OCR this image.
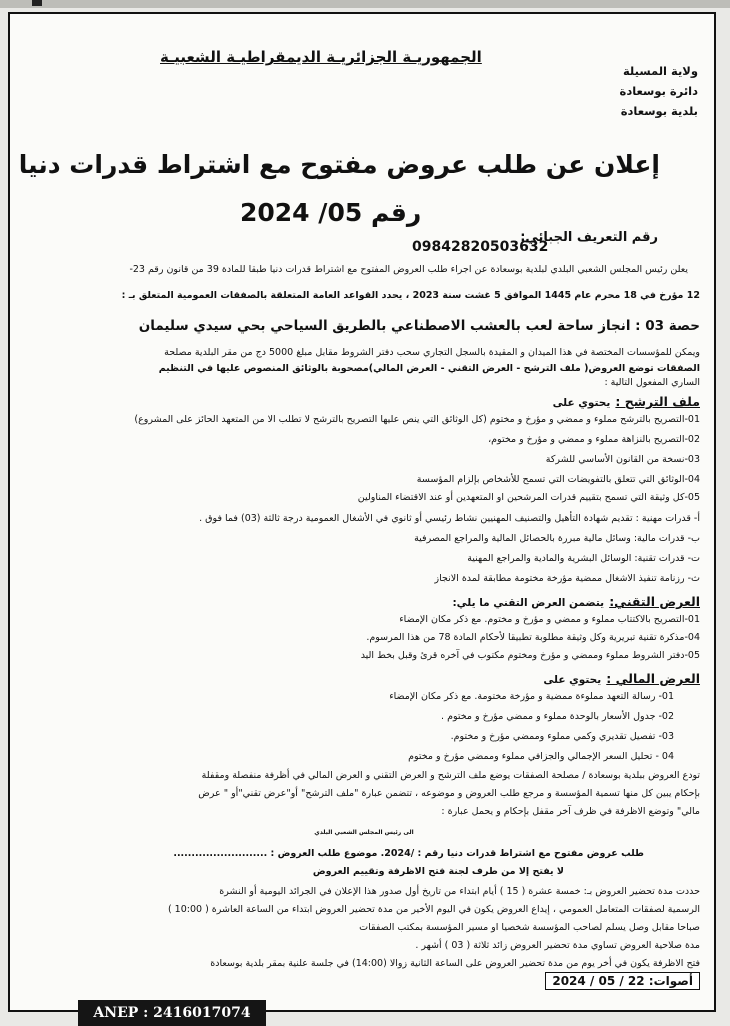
الجمهوريـة الجزائريـة الديمقراطيـة الشعبيـة
ولاية المسيلة
دائرة بوسعادة
بلدية بوسعادة
إعلان عن طلب عروض مفتوح مع اشتراط قدرات دنيا
رقم 05/ 2024
رقم التعريف الجبائي:
09842820503632
يعلن رئيس المجلس الشعبي البلدي لبلدية بوسعادة عن اجراء طلب العروض المفتوح مع اشتراط قدرات دنيا طبقا للمادة 39 من قانون رقم 23-
12 مؤرخ في 18 محرم عام 1445 الموافق 5 غشت سنة 2023 ، يحدد القواعد العامة المتعلقة بالصفقات العمومية المتعلق بـ :
حصة 03 : انجاز ساحة لعب بالعشب الاصطناعي بالطريق السياحي بحي سيدي سليمان
ويمكن للمؤسسات المختصة في هذا الميدان و المقيدة بالسجل التجاري سحب دفتر الشروط مقابل مبلغ 5000 دج من مقر البلدية مصلحة
الصفقات توضع العروض( ملف الترشح - العرض التقني - العرض المالي)مصحوبة بالوثائق المنصوص عليها في التنظيم
الساري المفعول التالية :
ملف الترشح : يحتوي على
01-التصريح بالترشح مملوء و ممضي و مؤرخ و مختوم (كل الوثائق التي ينص عليها التصريح بالترشح لا تطلب الا من المتعهد الحائز على المشروع)
02-التصريح بالنزاهة مملوء و ممضي و مؤرخ و مختوم،
03-نسخة من القانون الأساسي للشركة
04-الوثائق التي تتعلق بالتفويضات التي تسمح للأشخاص بإلزام المؤسسة
05-كل وثيقة التي تسمح بتقييم قدرات المرشحين او المتعهدين أو عند الاقتضاء المناولين
أ- قدرات مهنية : تقديم شهادة التأهيل والتصنيف المهنيين نشاط رئيسي أو ثانوي في الأشغال العمومية درجة ثالثة (03) فما فوق .
ب- قدرات مالية: وسائل مالية مبررة بالحصائل المالية والمراجع المصرفية
ت- قدرات تقنية: الوسائل البشرية والمادية والمراجع المهنية
ث- رزنامة تنفيذ الاشغال ممضية مؤرخة مختومة مطابقة لمدة الانجاز
العرض التقني: يتضمن العرض التقني ما يلي:
01-التصريح بالاكتتاب مملوء و ممضي و مؤرخ و مختوم. مع ذكر مكان الإمضاء
04-مذكرة تقنية تبريرية وكل وثيقة مطلوبة تطبيقا لأحكام المادة 78 من هذا المرسوم.
05-دفتر الشروط مملوء وممضي و مؤرخ ومختوم مكتوب في آخره قرئ وقبل بخط اليد
العرض المالي : يحتوي على
01- رسالة التعهد مملوءة ممضية و مؤرخة مختومة. مع ذكر مكان الإمضاء
02- جدول الأسعار بالوحدة مملوء و ممضي مؤرخ و مختوم .
03- تفصيل تقديري وكمي مملوء وممضي مؤرخ و مختوم.
04 - تحليل السعر الإجمالي والجزافي مملوء وممضي مؤرخ و مختوم
تودع العروض ببلدية بوسعادة / مصلحة الصفقات يوضع ملف الترشح و العرض التقني و العرض المالي في أظرفة منفصلة ومقفلة
بإحكام يبين كل منها تسمية المؤسسة و مرجع طلب العروض و موضوعه ، تتضمن عبارة "ملف الترشح" أو"عرض تقني"أو " عرض
مالي" وتوضع الاظرفة في ظرف آخر مقفل بإحكام و يحمل عبارة :
الى رئيس المجلس الشعبي البلدي
طلب عروض مفتوح مع اشتراط قدرات دنيا رقم : /2024. موضوع طلب العروض : ..........................
لا يفتح إلا من طرف لجنة فتح الاظرفة وتقييم العروض
حددت مدة تحضير العروض بـ: خمسة عشرة ( 15 ) أيام ابتداء من تاريخ أول صدور هذا الإعلان في الجرائد اليومية أو النشرة
الرسمية لصفقات المتعامل العمومي ، إيداع العروض يكون في اليوم الأخير من مدة تحضير العروض ابتداء من الساعة العاشرة ( 10:00 )
صباحا مقابل وصل يسلم لصاحب المؤسسة شخصيا او مسير المؤسسة بمكتب الصفقات
مدة صلاحية العروض تساوي مدة تحضير العروض زائد ثلاثة ( 03 ) أشهر .
فتح الاظرفة يكون في أخر يوم من مدة تحضير العروض على الساعة الثانية زوالا (14:00) في جلسة علنية بمقر بلدية بوسعادة
2024 / 05 / 22 :أصوات
ANEP : 2416017074
